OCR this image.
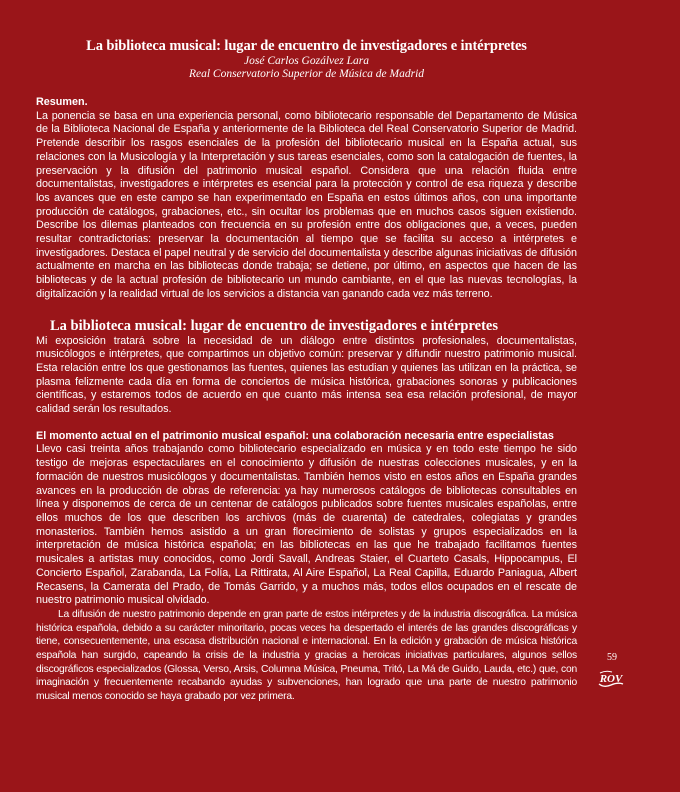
La biblioteca musical: lugar de encuentro de investigadores e intérpretes
José Carlos Gozálvez Lara
Real Conservatorio Superior de Música de Madrid
Resumen.

La ponencia se basa en una experiencia personal, como bibliotecario responsable del Departamento de Música de la Biblioteca Nacional de España y anteriormente de la Biblioteca del Real Conservatorio Superior de Madrid. Pretende describir los rasgos esenciales de la profesión del bibliotecario musical en la España actual, sus relaciones con la Musicología y la Interpretación y sus tareas esenciales, como son la catalogación de fuentes, la preservación y la difusión del patrimonio musical español. Considera que una relación fluida entre documentalistas, investigadores e intérpretes es esencial para la protección y control de esa riqueza y describe los avances que en este campo se han experimentado en España en estos últimos años, con una importante producción de catálogos, grabaciones, etc., sin ocultar los problemas que en muchos casos siguen existiendo. Describe los dilemas planteados con frecuencia en su profesión entre dos obligaciones que, a veces, pueden resultar contradictorias: preservar la documentación al tiempo que se facilita su acceso a intérpretes e investigadores. Destaca el papel neutral y de servicio del documentalista y describe algunas iniciativas de difusión actualmente en marcha en las bibliotecas donde trabaja; se detiene, por último, en aspectos que hacen de las bibliotecas y de la actual profesión de bibliotecario un mundo cambiante, en el que las nuevas tecnologías, la digitalización y la realidad virtual de los servicios a distancia van ganando cada vez más terreno.

La biblioteca musical: lugar de encuentro de investigadores e intérpretes

Mi exposición tratará sobre la necesidad de un diálogo entre distintos profesionales, documentalistas, musicólogos e intérpretes, que compartimos un objetivo común: preservar y difundir nuestro patrimonio musical. Esta relación entre los que gestionamos las fuentes, quienes las estudian y quienes las utilizan en la práctica, se plasma felizmente cada día en forma de conciertos de música histórica, grabaciones sonoras y publicaciones científicas, y estaremos todos de acuerdo en que cuanto más intensa sea esa relación profesional, de mayor calidad serán los resultados.

El momento actual en el patrimonio musical español: una colaboración necesaria entre especialistas

Llevo casi treinta años trabajando como bibliotecario especializado en música y en todo este tiempo he sido testigo de mejoras espectaculares en el conocimiento y difusión de nuestras colecciones musicales, y en la formación de nuestros musicólogos y documentalistas. También hemos visto en estos años en España grandes avances en la producción de obras de referencia: ya hay numerosos catálogos de bibliotecas consultables en línea y disponemos de cerca de un centenar de catálogos publicados sobre fuentes musicales españolas, entre ellos muchos de los que describen los archivos (más de cuarenta) de catedrales, colegiatas y grandes monasterios. También hemos asistido a un gran florecimiento de solistas y grupos especializados en la interpretación de música histórica española; en las bibliotecas en las que he trabajado facilitamos fuentes musicales a artistas muy conocidos, como Jordi Savall, Andreas Staier, el Cuarteto Casals, Hippocampus, El Concierto Español, Zarabanda, La Folía, La Rittirata, Al Aire Español, La Real Capilla, Eduardo Paniagua, Albert Recasens, la Camerata del Prado, de Tomás Garrido, y a muchos más, todos ellos ocupados en el rescate de nuestro patrimonio musical olvidado.

La difusión de nuestro patrimonio depende en gran parte de estos intérpretes y de la industria discográfica. La música histórica española, debido a su carácter minoritario, pocas veces ha despertado el interés de las grandes discográficas y tiene, consecuentemente, una escasa distribución nacional e internacional. En la edición y grabación de música histórica española han surgido, capeando la crisis de la industria y gracias a heroicas iniciativas particulares, algunos sellos discográficos especializados (Glossa, Verso, Arsis, Columna Música, Pneuma, Tritó, La Má de Guido, Lauda, etc.) que, con imaginación y frecuentemente recabando ayudas y subvenciones, han logrado que una parte de nuestro patrimonio musical menos conocido se haya grabado por vez primera.

59
ROV
